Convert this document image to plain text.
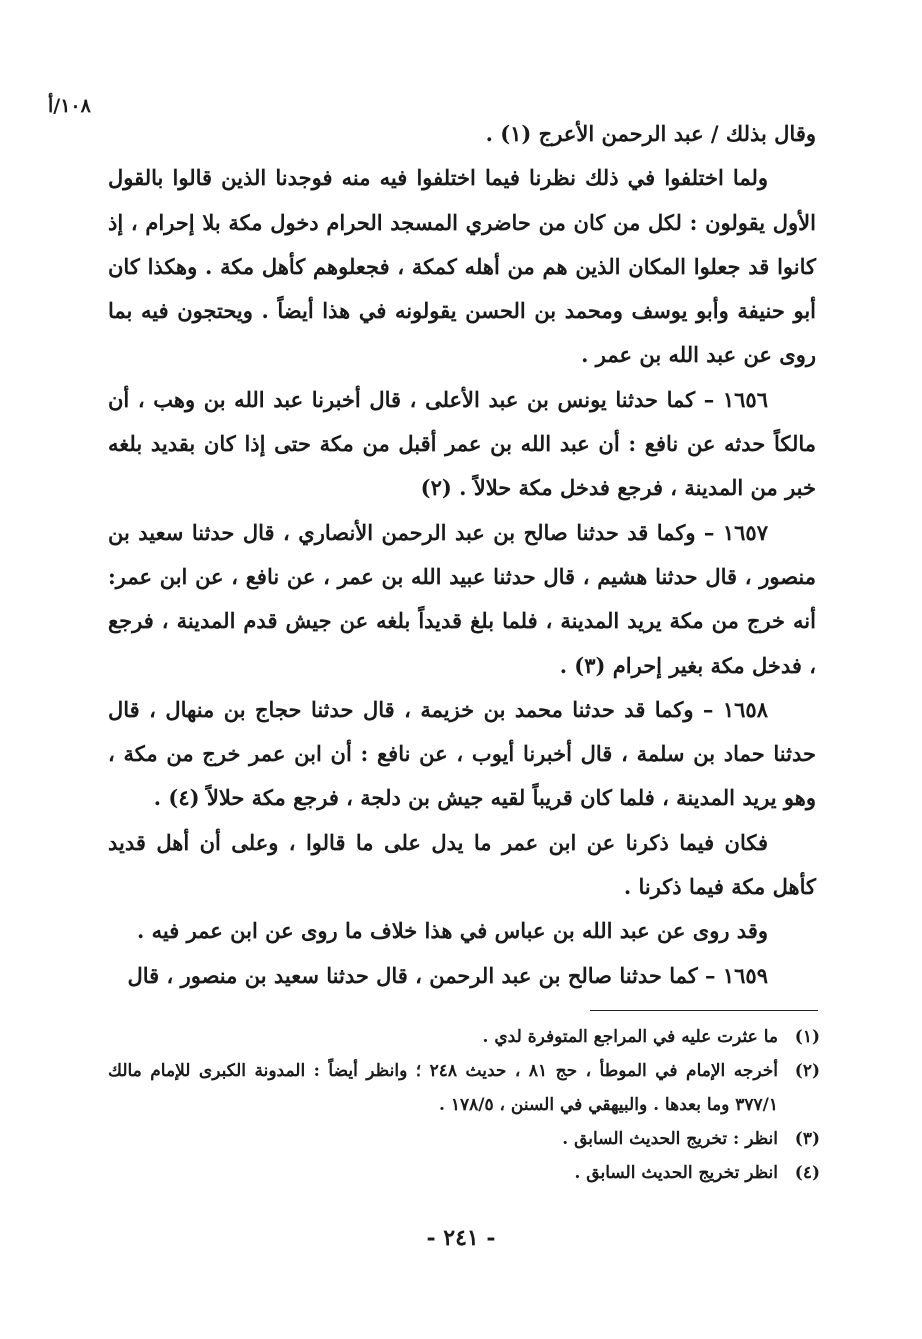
١٠٨/أ

وقال بذلك / عبد الرحمن الأعرج (١) .

ولما اختلفوا في ذلك نظرنا فيما اختلفوا فيه منه فوجدنا الذين قالوا بالقول الأول يقولون : لكل من كان من حاضري المسجد الحرام دخول مكة بلا إحرام ، إذ كانوا قد جعلوا المكان الذين هم من أهله كمكة ، فجعلوهم كأهل مكة . وهكذا كان أبو حنيفة وأبو يوسف ومحمد بن الحسن يقولونه في هذا أيضاً . ويحتجون فيه بما روى عن عبد الله بن عمر .

١٦٥٦ – كما حدثنا يونس بن عبد الأعلى ، قال أخبرنا عبد الله بن وهب ، أن مالكاً حدثه عن نافع : أن عبد الله بن عمر أقبل من مكة حتى إذا كان بقديد بلغه خبر من المدينة ، فرجع فدخل مكة حلالاً . (٢)

١٦٥٧ – وكما قد حدثنا صالح بن عبد الرحمن الأنصاري ، قال حدثنا سعيد بن منصور ، قال حدثنا هشيم ، قال حدثنا عبيد الله بن عمر ، عن نافع ، عن ابن عمر: أنه خرج من مكة يريد المدينة ، فلما بلغ قديداً بلغه عن جيش قدم المدينة ، فرجع ، فدخل مكة بغير إحرام (٣) .

١٦٥٨ – وكما قد حدثنا محمد بن خزيمة ، قال حدثنا حجاج بن منهال ، قال حدثنا حماد بن سلمة ، قال أخبرنا أيوب ، عن نافع : أن ابن عمر خرج من مكة ، وهو يريد المدينة ، فلما كان قريباً لقيه جيش بن دلجة ، فرجع مكة حلالاً (٤) .

فكان فيما ذكرنا عن ابن عمر ما يدل على ما قالوا ، وعلى أن أهل قديد كأهل مكة فيما ذكرنا .

وقد روى عن عبد الله بن عباس في هذا خلاف ما روى عن ابن عمر فيه .

١٦٥٩ – كما حدثنا صالح بن عبد الرحمن ، قال حدثنا سعيد بن منصور ، قال

(١)
ما عثرت عليه في المراجع المتوفرة لدي .
(٢)
أخرجه الإمام في الموطأ ، حج ٨١ ، حديث ٢٤٨ ؛ وانظر أيضاً : المدونة الكبرى للإمام مالك ٣٧٧/١ وما بعدها . والبيهقي في السنن ، ١٧٨/٥ .
(٣)
انظر : تخريج الحديث السابق .
(٤)
انظر تخريج الحديث السابق .
- ٢٤١ -
